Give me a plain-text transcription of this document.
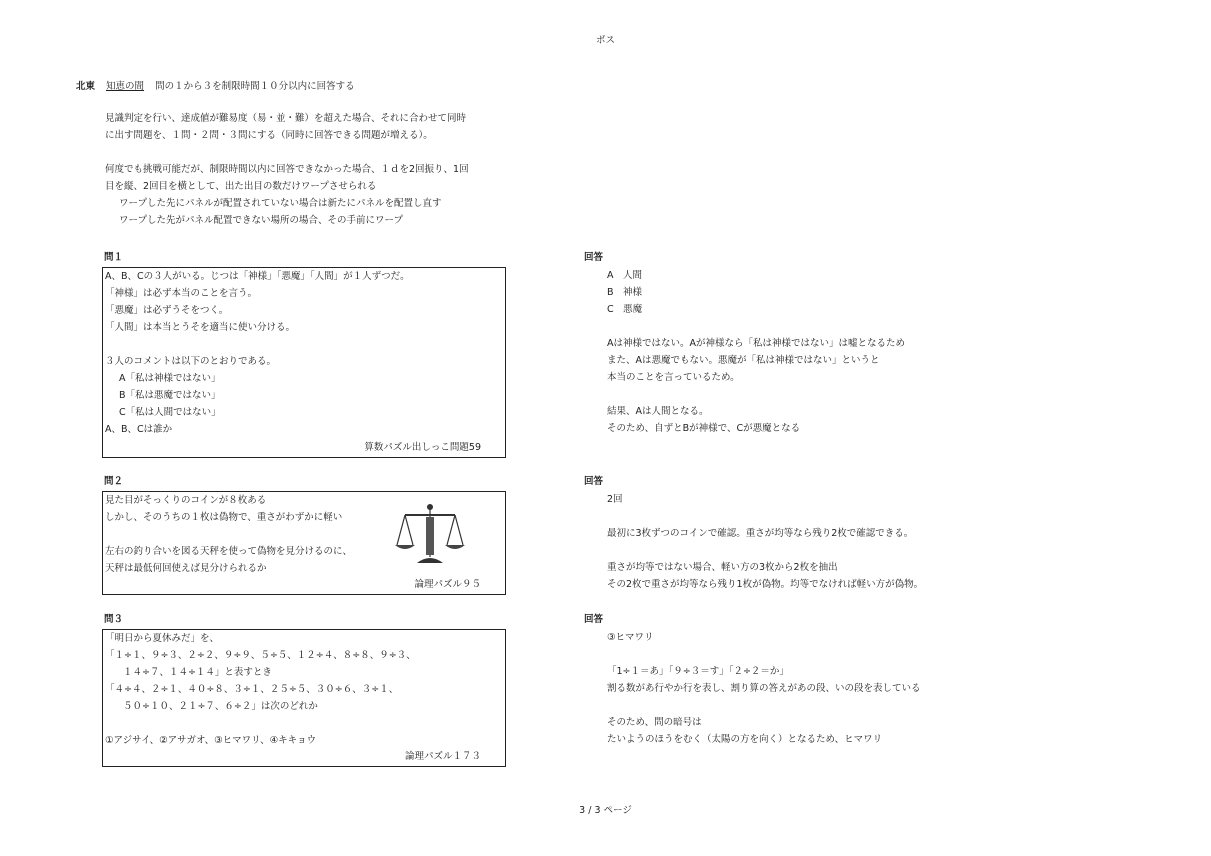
ボス
北東 知恵の間 問の１から３を制限時間１０分以内に回答する
見識判定を行い、達成値が難易度（易・並・難）を超えた場合、それに合わせて同時
に出す問題を、１問・２問・３問にする（同時に回答できる問題が増える）。
何度でも挑戦可能だが、制限時間以内に回答できなかった場合、１ｄを2回振り、1回
目を縦、2回目を横として、出た出目の数だけワープさせられる
ワープした先にパネルが配置されていない場合は新たにパネルを配置し直す
ワープした先がパネル配置できない場所の場合、その手前にワープ
問１
A、B、Cの３人がいる。じつは「神様」「悪魔」「人間」が１人ずつだ。
「神様」は必ず本当のことを言う。
「悪魔」は必ずうそをつく。
「人間」は本当とうそを適当に使い分ける。
３人のコメントは以下のとおりである。
A「私は神様ではない」
B「私は悪魔ではない」
C「私は人間ではない」
A、B、Cは誰か
算数パズル出しっこ問題59
回答
A　人間
B　神様
C　悪魔
Aは神様ではない。Aが神様なら「私は神様ではない」は嘘となるため
また、Aは悪魔でもない。悪魔が「私は神様ではない」というと
本当のことを言っているため。
結果、Aは人間となる。
そのため、自ずとBが神様で、Cが悪魔となる
問２
見た目がそっくりのコインが８枚ある
しかし、そのうちの１枚は偽物で、重さがわずかに軽い
左右の釣り合いを図る天秤を使って偽物を見分けるのに、
天秤は最低何回使えば見分けられるか
論理パズル９５
回答
2回
最初に3枚ずつのコインで確認。重さが均等なら残り2枚で確認できる。
重さが均等ではない場合、軽い方の3枚から2枚を抽出
その2枚で重さが均等なら残り1枚が偽物。均等でなければ軽い方が偽物。
問３
「明日から夏休みだ」を、
「１÷１、９÷３、２÷２、９÷９、５÷５、１２÷４、８÷８、９÷３、
１４÷７、１４÷１４」と表すとき
「４÷４、２÷１、４０÷８、３÷１、２５÷５、３０÷６、３÷１、
５０÷１０、２１÷７、６÷２」は次のどれか
①アジサイ、②アサガオ、③ヒマワリ、④キキョウ
論理パズル１７３
回答
③ヒマワリ
「1÷１＝あ」「９÷３＝す」「２÷２＝か」
割る数があ行やか行を表し、割り算の答えがあの段、いの段を表している
そのため、問の暗号は
たいようのほうをむく（太陽の方を向く）となるため、ヒマワリ
3 / 3 ページ
